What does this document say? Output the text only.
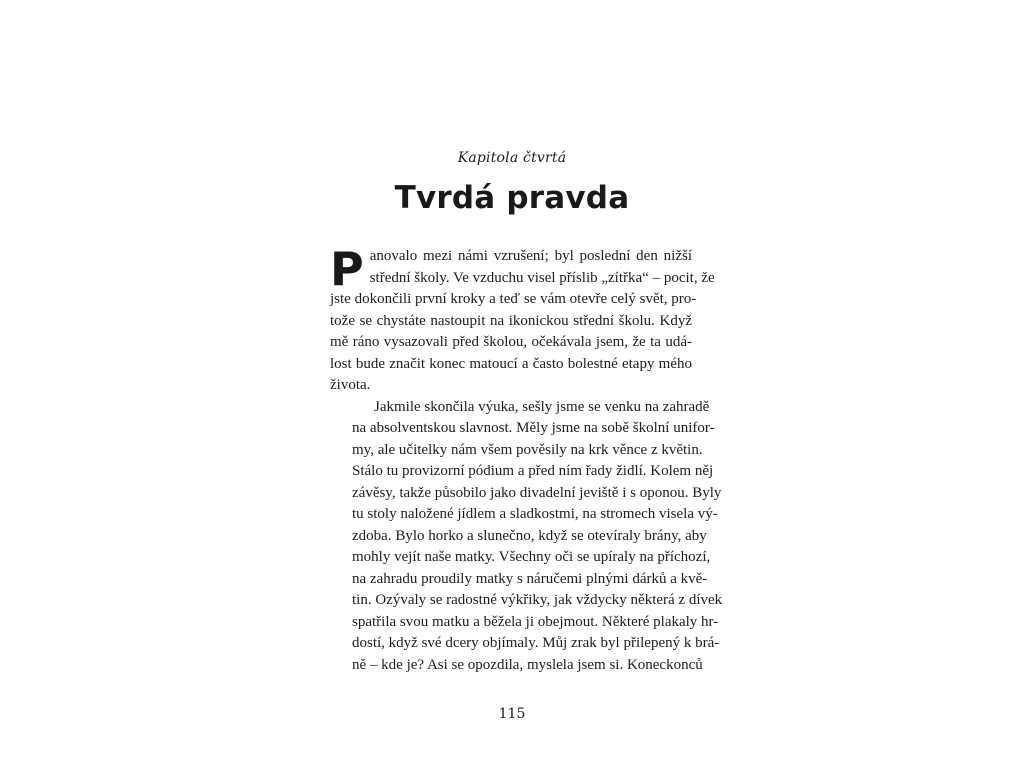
Kapitola čtvrtá
Tvrdá pravda
P anovalo mezi námi vzrušení; byl poslední den nižší
střední školy. Ve vzduchu visel příslib „zítřka“ – pocit, že
jste dokončili první kroky a teď se vám otevře celý svět, pro-
tože se chystáte nastoupit na ikonickou střední školu. Když
mě ráno vysazovali před školou, očekávala jsem, že ta udá-
lost bude značit konec matoucí a často bolestné etapy mého
života.
Jakmile skončila výuka, sešly jsme se venku na zahradě
na absolventskou slavnost. Měly jsme na sobě školní unifor-
my, ale učitelky nám všem pověsily na krk věnce z květin.
Stálo tu provizorní pódium a před ním řady židlí. Kolem něj
závěsy, takže působilo jako divadelní jeviště i s oponou. Byly
tu stoly naložené jídlem a sladkostmi, na stromech visela vý-
zdoba. Bylo horko a slunečno, když se otevíraly brány, aby
mohly vejít naše matky. Všechny oči se upíraly na příchozí,
na zahradu proudily matky s náručemi plnými dárků a kvě-
tin. Ozývaly se radostné výkřiky, jak vždycky některá z dívek
spatřila svou matku a běžela ji obejmout. Některé plakaly hr-
dostí, když své dcery objímaly. Můj zrak byl přilepený k brá-
ně – kde je? Asi se opozdila, myslela jsem si. Koneckonců
115
